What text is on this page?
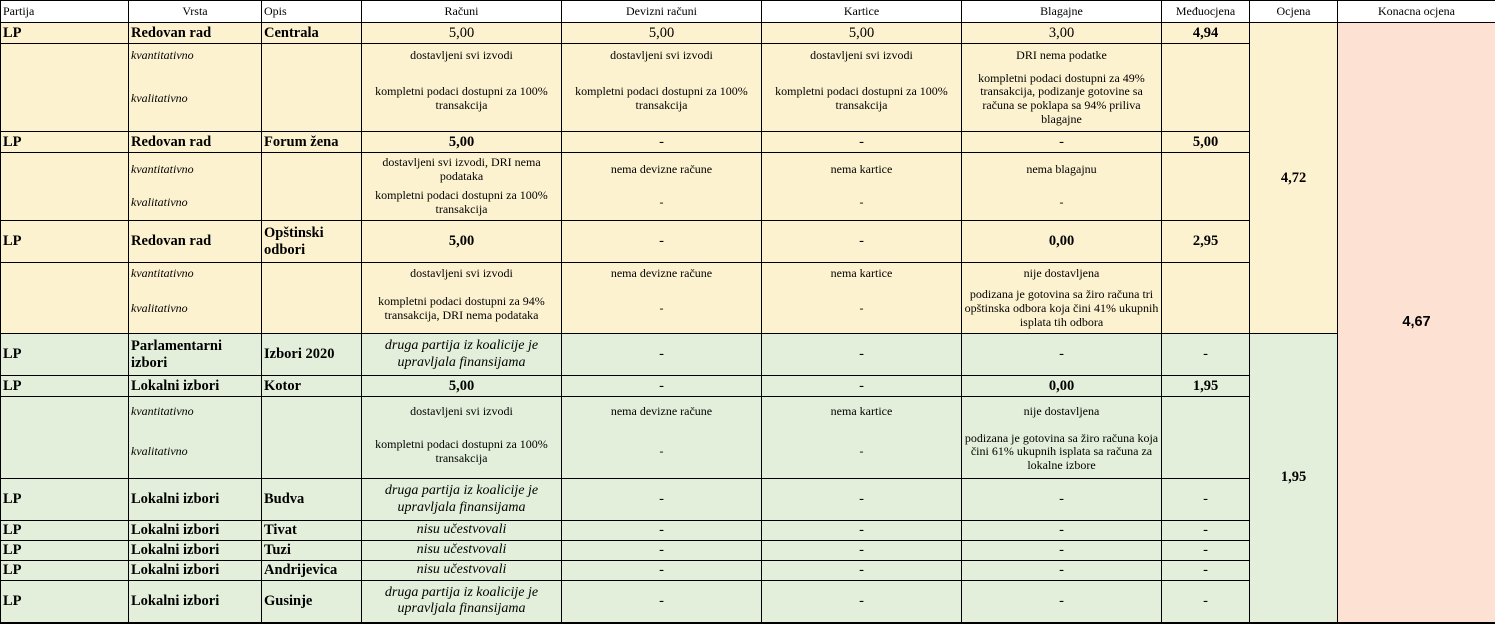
Partija	Vrsta	Opis	Računi	Devizni računi	Kartice	Blagajne	Međuocjena	Ocjena	Konacna ocjena
LP	Redovan rad	Centrala	5,00	5,00	5,00	3,00	4,94	4,72	4,67
	kvantitativno		dostavljeni svi izvodi	dostavljeni svi izvodi	dostavljeni svi izvodi	DRI nema podatke			
	kvalitativno		kompletni podaci dostupni za 100% transakcija	kompletni podaci dostupni za 100% transakcija	kompletni podaci dostupni za 100% transakcija	kompletni podaci dostupni za 49% transakcija, podizanje gotovine sa računa se poklapa sa 94% priliva blagajne			
LP	Redovan rad	Forum žena	5,00	-	-	-	5,00		
	kvantitativno		dostavljeni svi izvodi, DRI nema podataka	nema devizne račune	nema kartice	nema blagajnu			
	kvalitativno		kompletni podaci dostupni za 100% transakcija	-	-	-			
LP	Redovan rad	Opštinski odbori	5,00	-	-	0,00	2,95		
	kvantitativno		dostavljeni svi izvodi	nema devizne račune	nema kartice	nije dostavljena			
	kvalitativno		kompletni podaci dostupni za 94% transakcija, DRI nema podataka	-	-	podizana je gotovina sa žiro računa tri opštinska odbora koja čini 41% ukupnih isplata tih odbora			
LP	Parlamentarni izbori	Izbori 2020	druga partija iz koalicije je upravljala finansijama	-	-	-	-	1,95	
LP	Lokalni izbori	Kotor	5,00	-	-	0,00	1,95		
	kvantitativno		dostavljeni svi izvodi	nema devizne račune	nema kartice	nije dostavljena			
	kvalitativno		kompletni podaci dostupni za 100% transakcija	-	-	podizana je gotovina sa žiro računa koja čini 61% ukupnih isplata sa računa za lokalne izbore			
LP	Lokalni izbori	Budva	druga partija iz koalicije je upravljala finansijama	-	-	-	-		
LP	Lokalni izbori	Tivat	nisu učestvovali	-	-	-	-		
LP	Lokalni izbori	Tuzi	nisu učestvovali	-	-	-	-		
LP	Lokalni izbori	Andrijevica	nisu učestvovali	-	-	-	-		
LP	Lokalni izbori	Gusinje	druga partija iz koalicije je upravljala finansijama	-	-	-	-		
